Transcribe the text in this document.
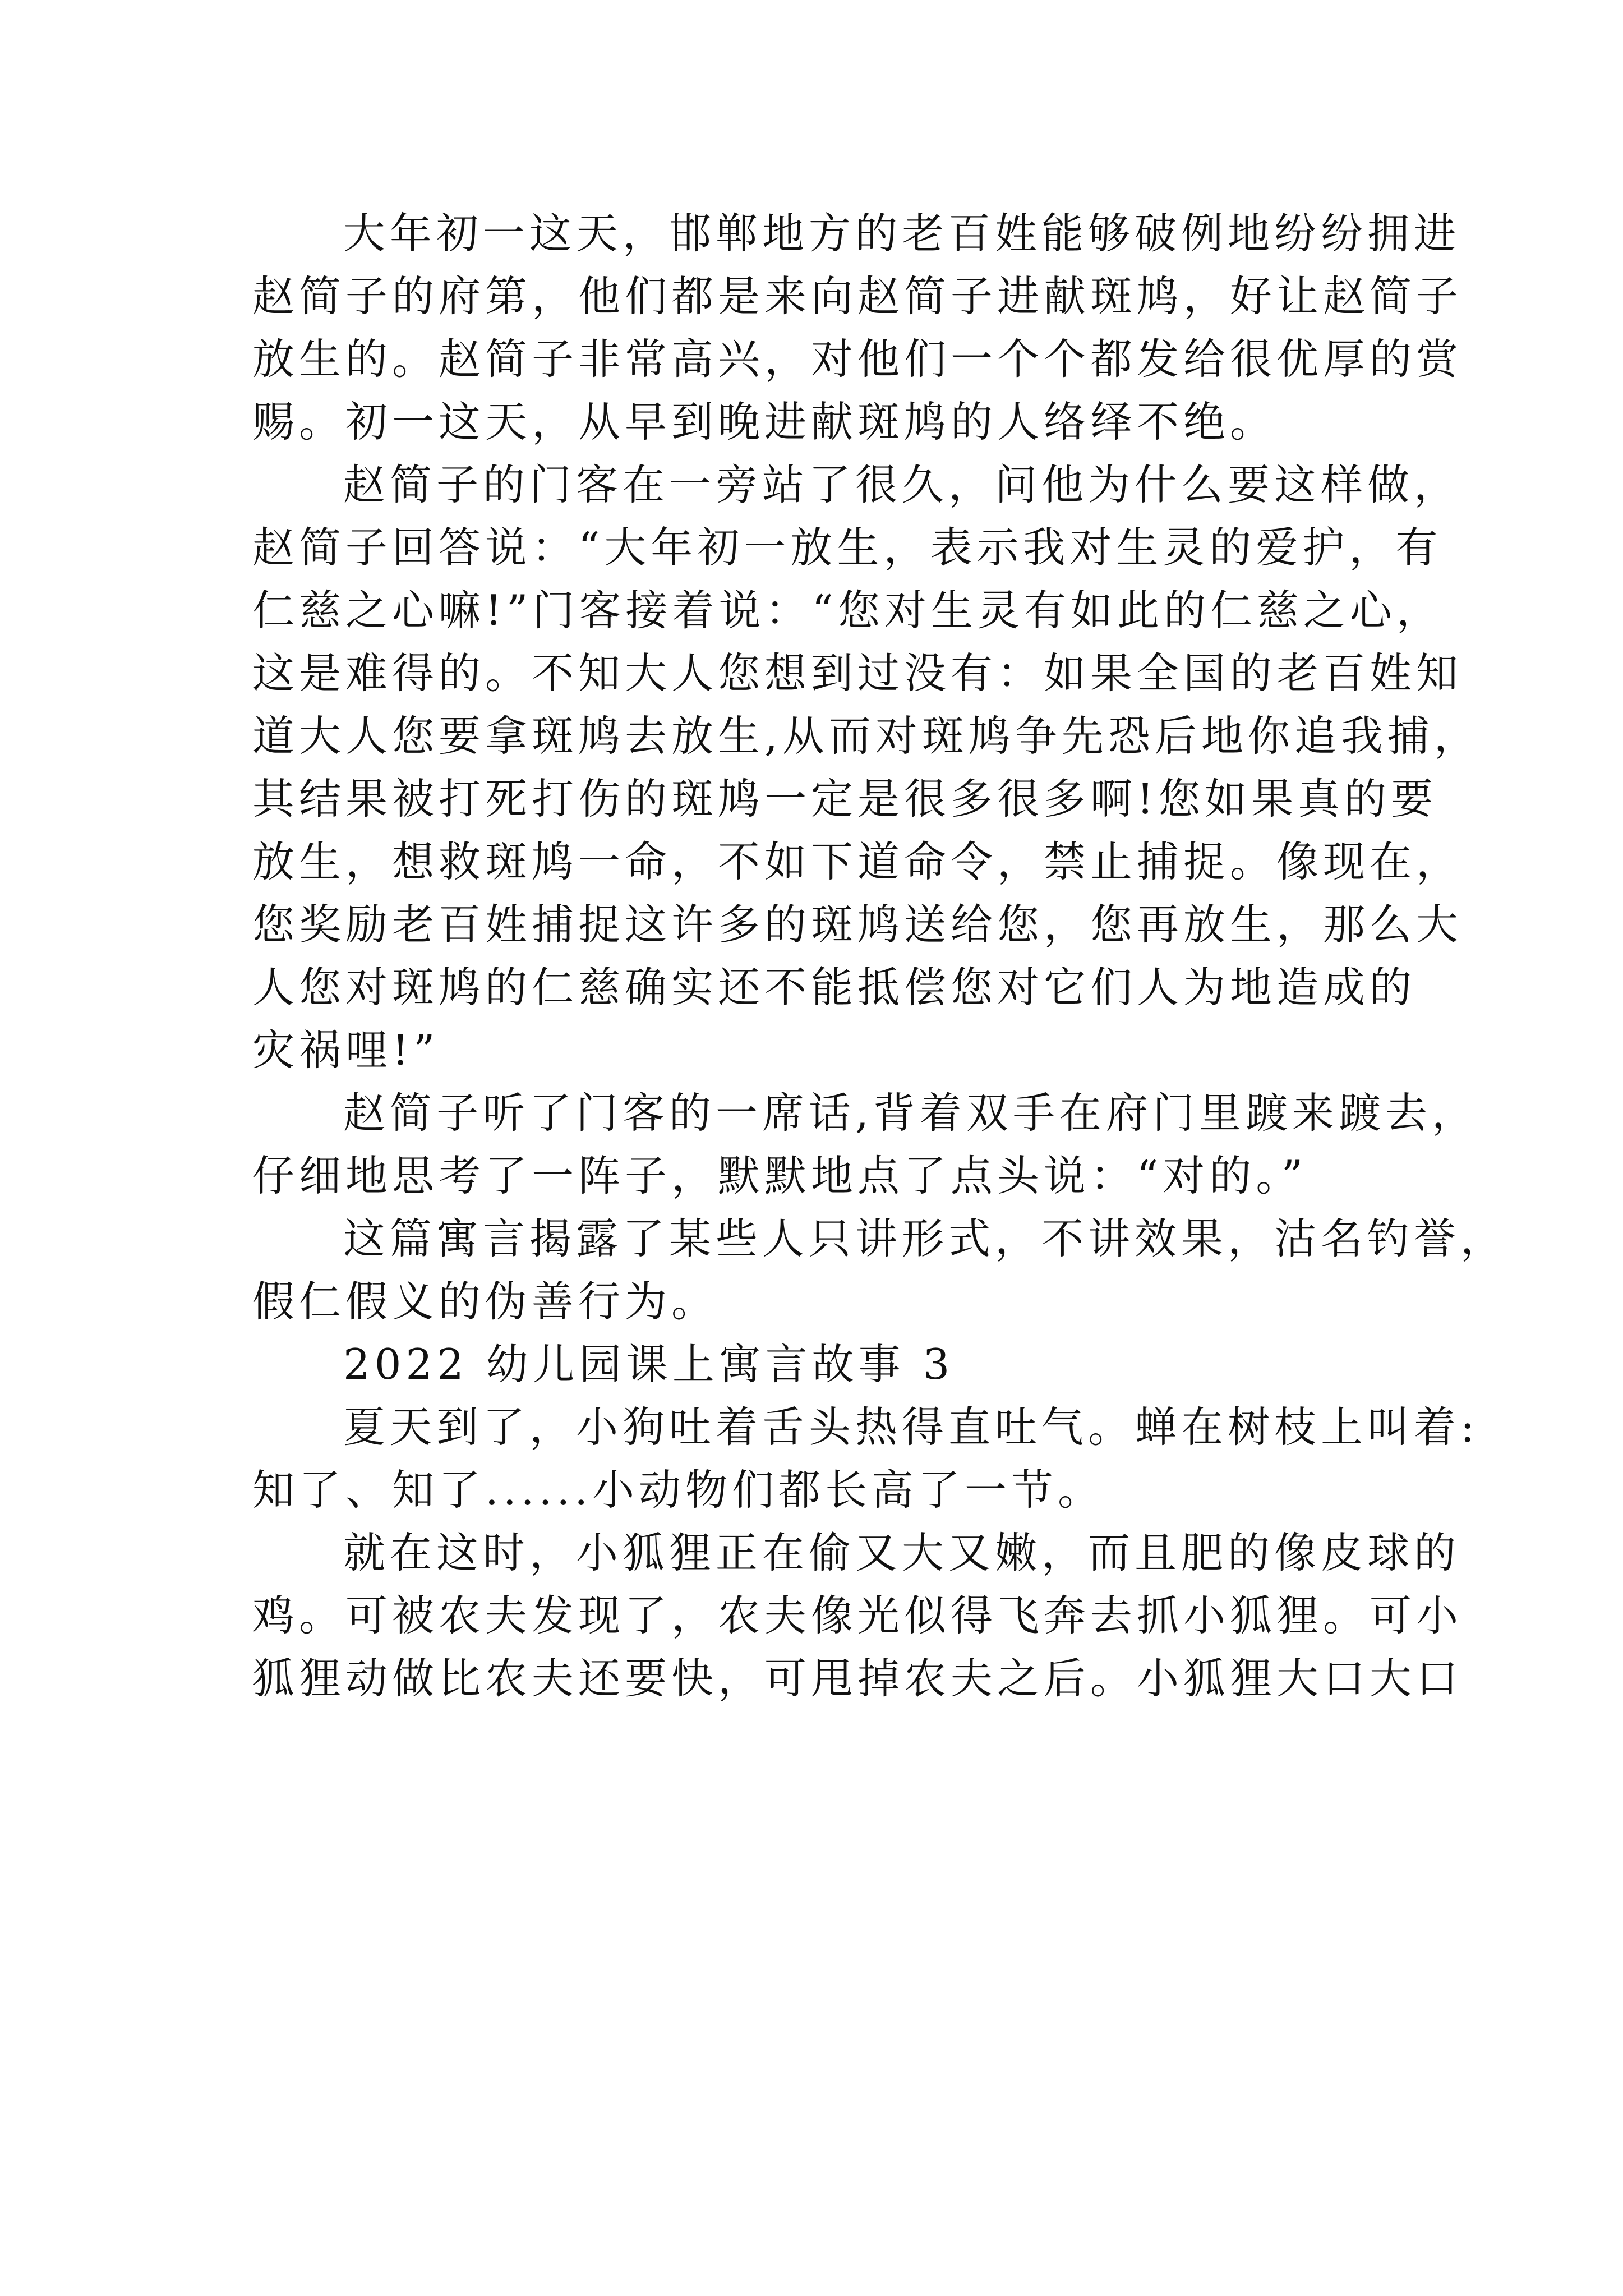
大年初一这天，邯郸地方的老百姓能够破例地纷纷拥进
赵简子的府第，他们都是来向赵简子进献斑鸠，好让赵简子
放生的。赵简子非常高兴，对他们一个个都发给很优厚的赏
赐。初一这天，从早到晚进献斑鸠的人络绎不绝。
赵简子的门客在一旁站了很久，问他为什么要这样做，
赵简子回答说：“大年初一放生，表示我对生灵的爱护，有
仁慈之心嘛!”门客接着说：“您对生灵有如此的仁慈之心，
这是难得的。不知大人您想到过没有：如果全国的老百姓知
道大人您要拿斑鸠去放生,从而对斑鸠争先恐后地你追我捕，
其结果被打死打伤的斑鸠一定是很多很多啊!您如果真的要
放生，想救斑鸠一命，不如下道命令，禁止捕捉。像现在，
您奖励老百姓捕捉这许多的斑鸠送给您，您再放生，那么大
人您对斑鸠的仁慈确实还不能抵偿您对它们人为地造成的
灾祸哩!”
赵简子听了门客的一席话,背着双手在府门里踱来踱去，
仔细地思考了一阵子，默默地点了点头说：“对的。”
这篇寓言揭露了某些人只讲形式，不讲效果，沽名钓誉，
假仁假义的伪善行为。
2022 幼儿园课上寓言故事 3
夏天到了，小狗吐着舌头热得直吐气。蝉在树枝上叫着:
知了、知了......小动物们都长高了一节。
就在这时，小狐狸正在偷又大又嫩，而且肥的像皮球的
鸡。可被农夫发现了，农夫像光似得飞奔去抓小狐狸。可小
狐狸动做比农夫还要快，可甩掉农夫之后。小狐狸大口大口
